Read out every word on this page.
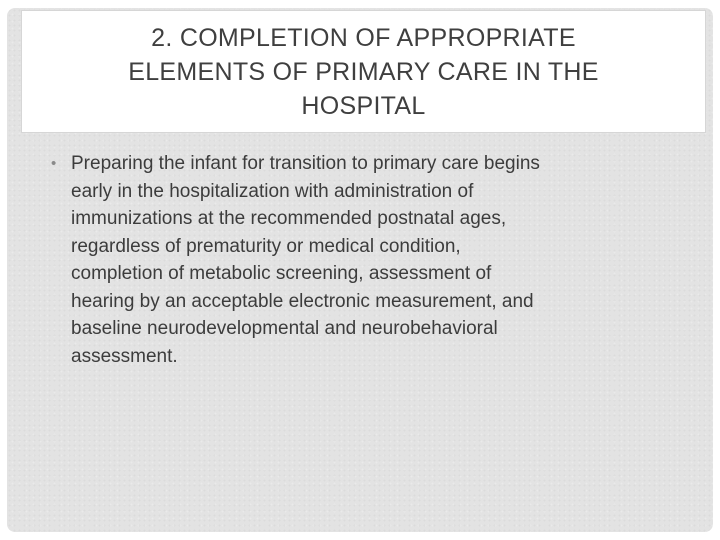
2. COMPLETION OF APPROPRIATE
ELEMENTS OF PRIMARY CARE IN THE
HOSPITAL
• Preparing the infant for transition to primary care begins
early in the hospitalization with administration of
immunizations at the recommended postnatal ages,
regardless of prematurity or medical condition,
completion of metabolic screening, assessment of
hearing by an acceptable electronic measurement, and
baseline neurodevelopmental and neurobehavioral
assessment.
